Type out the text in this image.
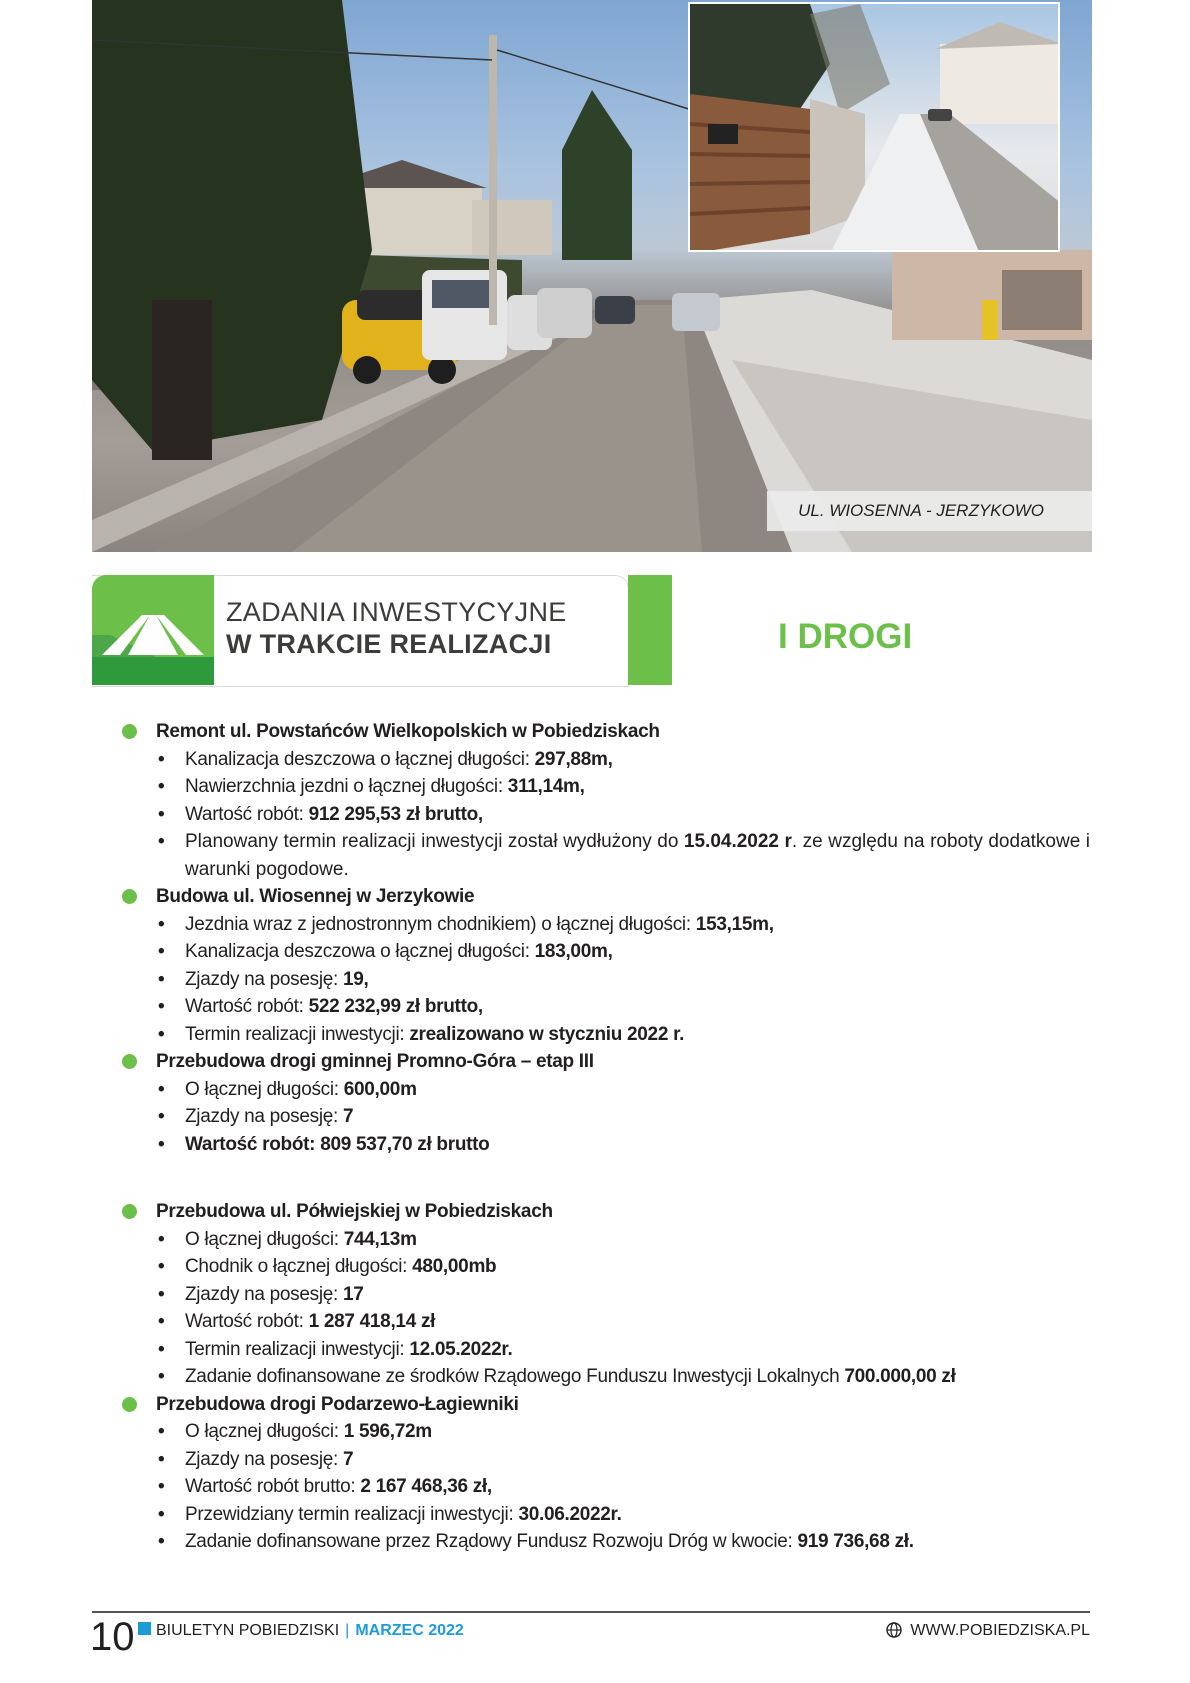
UL. WIOSENNA - JERZYKOWO
ZADANIA INWESTYCYJNE
W TRAKCIE REALIZACJI	I DROGI
Remont ul. Powstańców Wielkopolskich w Pobiedziskach
• Kanalizacja deszczowa o łącznej długości: 297,88m,
• Nawierzchnia jezdni o łącznej długości: 311,14m,
• Wartość robót: 912 295,53 zł brutto,
• Planowany termin realizacji inwestycji został wydłużony do 15.04.2022 r. ze względu na roboty dodatkowe i warunki pogodowe.
Budowa ul. Wiosennej w Jerzykowie
• Jezdnia wraz z jednostronnym chodnikiem) o łącznej długości: 153,15m,
• Kanalizacja deszczowa o łącznej długości: 183,00m,
• Zjazdy na posesję: 19,
• Wartość robót: 522 232,99 zł brutto,
• Termin realizacji inwestycji: zrealizowano w styczniu 2022 r.
Przebudowa drogi gminnej Promno-Góra – etap III
• O łącznej długości: 600,00m
• Zjazdy na posesję: 7
• Wartość robót: 809 537,70 zł brutto
Przebudowa ul. Półwiejskiej w Pobiedziskach
• O łącznej długości: 744,13m
• Chodnik o łącznej długości: 480,00mb
• Zjazdy na posesję: 17
• Wartość robót: 1 287 418,14 zł
• Termin realizacji inwestycji: 12.05.2022r.
• Zadanie dofinansowane ze środków Rządowego Funduszu Inwestycji Lokalnych 700.000,00 zł
Przebudowa drogi Podarzewo-Łagiewniki
• O łącznej długości: 1 596,72m
• Zjazdy na posesję: 7
• Wartość robót brutto: 2 167 468,36 zł,
• Przewidziany termin realizacji inwestycji: 30.06.2022r.
• Zadanie dofinansowane przez Rządowy Fundusz Rozwoju Dróg w kwocie: 919 736,68 zł.
10 BIULETYN POBIEDZISKI | MARZEC 2022	WWW.POBIEDZISKA.PL
